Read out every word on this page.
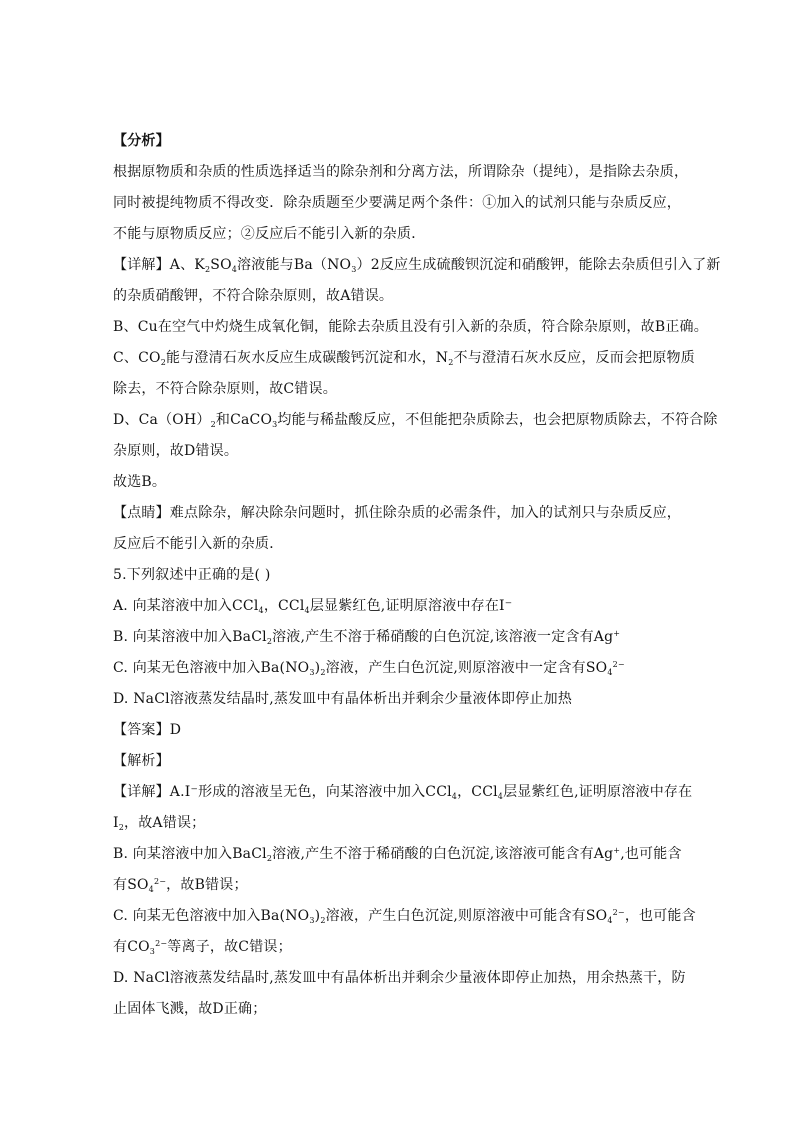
【分析】
根据原物质和杂质的性质选择适当的除杂剂和分离方法，所谓除杂（提纯），是指除去杂质，
同时被提纯物质不得改变．除杂质题至少要满足两个条件：①加入的试剂只能与杂质反应，
不能与原物质反应；②反应后不能引入新的杂质．
【详解】A、$K_2SO_4$溶液能与$Ba(NO_3)2$反应生成硫酸钡沉淀和硝酸钾，能除去杂质但引入了新
的杂质硝酸钾，不符合除杂原则，故A错误。
B、Cu在空气中灼烧生成氧化铜，能除去杂质且没有引入新的杂质，符合除杂原则，故B正确。
C、$CO_2$能与澄清石灰水反应生成碳酸钙沉淀和水，$N_2$不与澄清石灰水反应，反而会把原物质
除去，不符合除杂原则，故C错误。
D、$Ca(OH)_2$和CaCO$_3$均能与稀盐酸反应，不但能把杂质除去，也会把原物质除去，不符合除
杂原则，故D错误。
故选B。
【点睛】难点除杂，解决除杂问题时，抓住除杂质的必需条件，加入的试剂只与杂质反应，
反应后不能引入新的杂质．
5.下列叙述中正确的是( )
A. 向某溶液中加入CCl$_4$，CCl$_4$层显紫红色,证明原溶液中存在I⁻
B. 向某溶液中加入BaCl$_2$溶液,产生不溶于稀硝酸的白色沉淀,该溶液一定含有Ag+
C. 向某无色溶液中加入$Ba(NO_3)_2$溶液，产生白色沉淀,则原溶液中一定含有$SO_4^{2-}$
D. NaCl溶液蒸发结晶时,蒸发皿中有晶体析出并剩余少量液体即停止加热
【答案】D
【解析】
【详解】A.I⁻形成的溶液呈无色，向某溶液中加入CCl$_4$，CCl$_4$层显紫红色,证明原溶液中存在
$I_2$，故A错误；
B. 向某溶液中加入BaCl$_2$溶液,产生不溶于稀硝酸的白色沉淀,该溶液可能含有Ag+,也可能含
有$SO_4^{2-}$，故B错误；
C. 向某无色溶液中加入$Ba(NO_3)_2$溶液，产生白色沉淀,则原溶液中可能含有$SO_4^{2-}$，也可能含
有$CO_3^{2-}$等离子，故C错误；
D. NaCl溶液蒸发结晶时,蒸发皿中有晶体析出并剩余少量液体即停止加热，用余热蒸干，防
止固体飞溅，故D正确；
